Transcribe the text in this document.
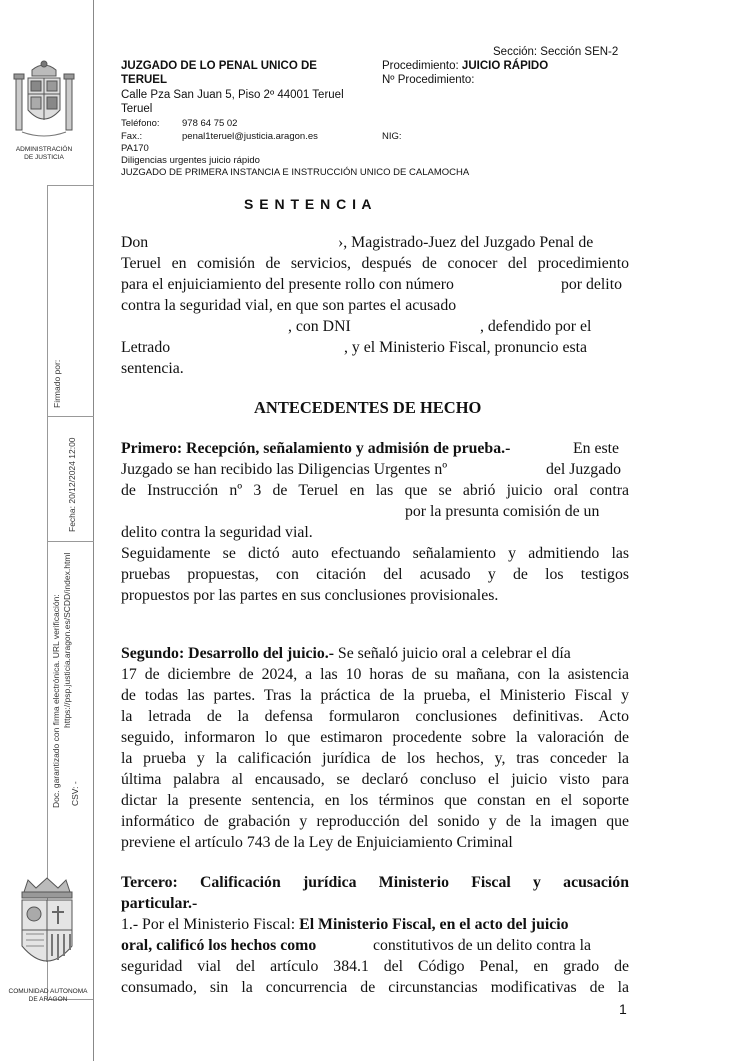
ADMINISTRACIÓN
DE JUSTICIA
Firmado por:
Fecha: 20/12/2024 12:00
Doc. garantizado con firma electrónica. URL verificación: https://psp.justicia.aragon.es/SCDD/index.html
CSV: -
COMUNIDAD AUTONOMA
DE ARAGON
Sección: Sección SEN-2
JUZGADO DE LO PENAL UNICO DE
TERUEL
Calle Pza San Juan 5, Piso 2º 44001 Teruel
Teruel
Teléfono: 978 64 75 02
Fax.:	penal1teruel@justicia.aragon.es
PA170
Diligencias urgentes juicio rápido
JUZGADO DE PRIMERA INSTANCIA E INSTRUCCIÓN UNICO DE CALAMOCHA
Procedimiento: JUICIO RÁPIDO
Nº Procedimiento:
NIG:
S E N T E N C I A
Don	›, Magistrado-Juez del Juzgado Penal de
Teruel en comisión de servicios, después de conocer del procedimiento
para el enjuiciamiento del presente rollo con número	por delito
contra la seguridad vial, en que son partes el acusado
, con DNI	, defendido por el
Letrado	, y el Ministerio Fiscal, pronuncio esta
sentencia.
ANTECEDENTES DE HECHO
Primero: Recepción, señalamiento y admisión de prueba.-	En este
Juzgado se han recibido las Diligencias Urgentes nº	del Juzgado
de Instrucción nº 3 de Teruel en las que se abrió juicio oral contra
por la presunta comisión de un
delito contra la seguridad vial.
Seguidamente se dictó auto efectuando señalamiento y admitiendo las
pruebas propuestas, con citación del acusado y de los testigos
propuestos por las partes en sus conclusiones provisionales.
Segundo: Desarrollo del juicio.- Se señaló juicio oral a celebrar el día
17 de diciembre de 2024, a las 10 horas de su mañana, con la asistencia
de todas las partes. Tras la práctica de la prueba, el Ministerio Fiscal y
la letrada de la defensa formularon conclusiones definitivas. Acto
seguido, informaron lo que estimaron procedente sobre la valoración de
la prueba y la calificación jurídica de los hechos, y, tras conceder la
última palabra al encausado, se declaró concluso el juicio visto para
dictar la presente sentencia, en los términos que constan en el soporte
informático de grabación y reproducción del sonido y de la imagen que
previene el artículo 743 de la Ley de Enjuiciamiento Criminal
Tercero: Calificación jurídica Ministerio Fiscal y acusación
particular.-
1.- Por el Ministerio Fiscal: El Ministerio Fiscal, en el acto del juicio
oral, calificó los hechos como	constitutivos de un delito contra la
seguridad vial del artículo 384.1 del Código Penal, en grado de
consumado, sin la concurrencia de circunstancias modificativas de la
1
